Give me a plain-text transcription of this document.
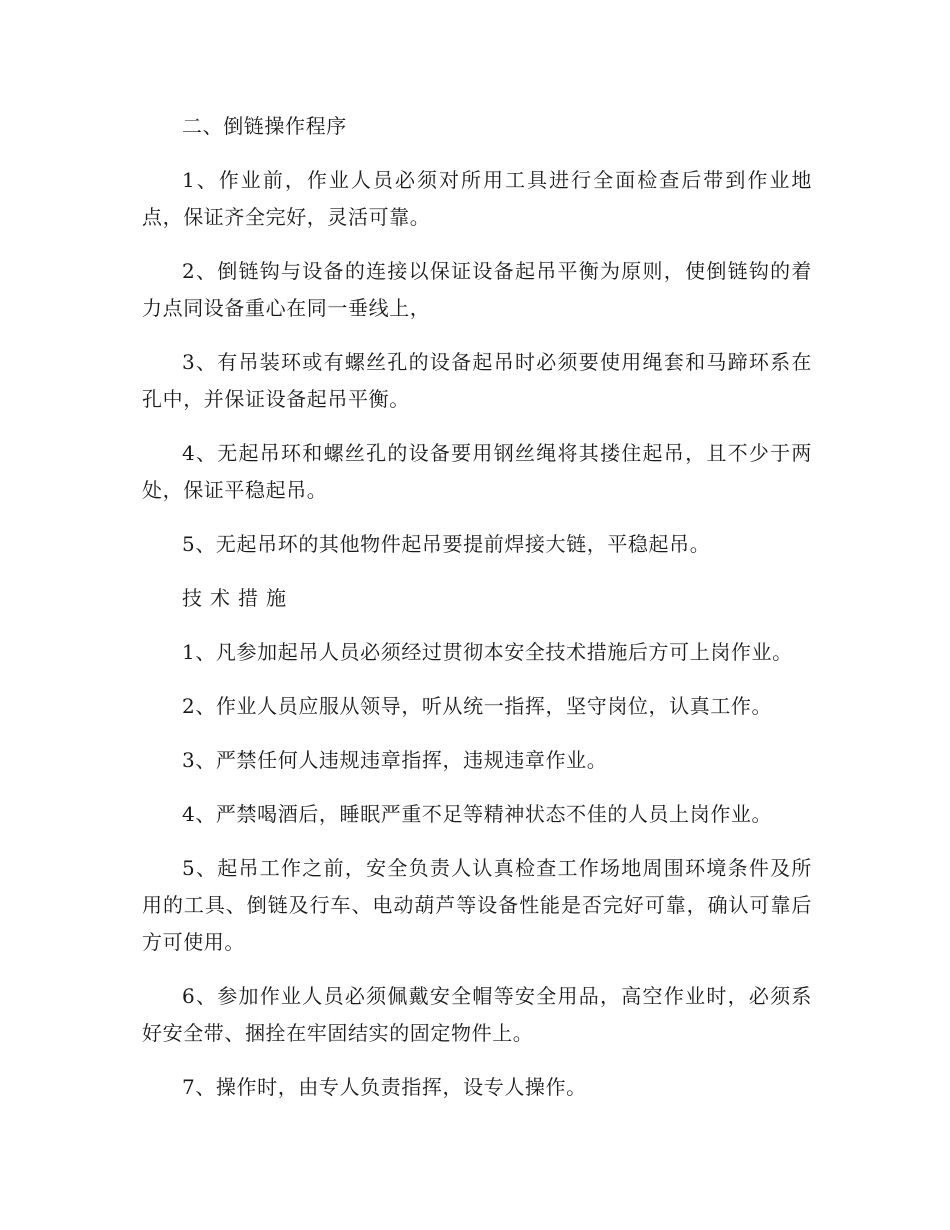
二、倒链操作程序

1、作业前，作业人员必须对所用工具进行全面检查后带到作业地点，保证齐全完好，灵活可靠。

2、倒链钩与设备的连接以保证设备起吊平衡为原则，使倒链钩的着力点同设备重心在同一垂线上，

3、有吊装环或有螺丝孔的设备起吊时必须要使用绳套和马蹄环系在孔中，并保证设备起吊平衡。

4、无起吊环和螺丝孔的设备要用钢丝绳将其搂住起吊，且不少于两处，保证平稳起吊。

5、无起吊环的其他物件起吊要提前焊接大链，平稳起吊。

技术措施

1、凡参加起吊人员必须经过贯彻本安全技术措施后方可上岗作业。

2、作业人员应服从领导，听从统一指挥，坚守岗位，认真工作。

3、严禁任何人违规违章指挥，违规违章作业。

4、严禁喝酒后，睡眠严重不足等精神状态不佳的人员上岗作业。

5、起吊工作之前，安全负责人认真检查工作场地周围环境条件及所用的工具、倒链及行车、电动葫芦等设备性能是否完好可靠，确认可靠后方可使用。

6、参加作业人员必须佩戴安全帽等安全用品，高空作业时，必须系好安全带、捆拴在牢固结实的固定物件上。

7、操作时，由专人负责指挥，设专人操作。
